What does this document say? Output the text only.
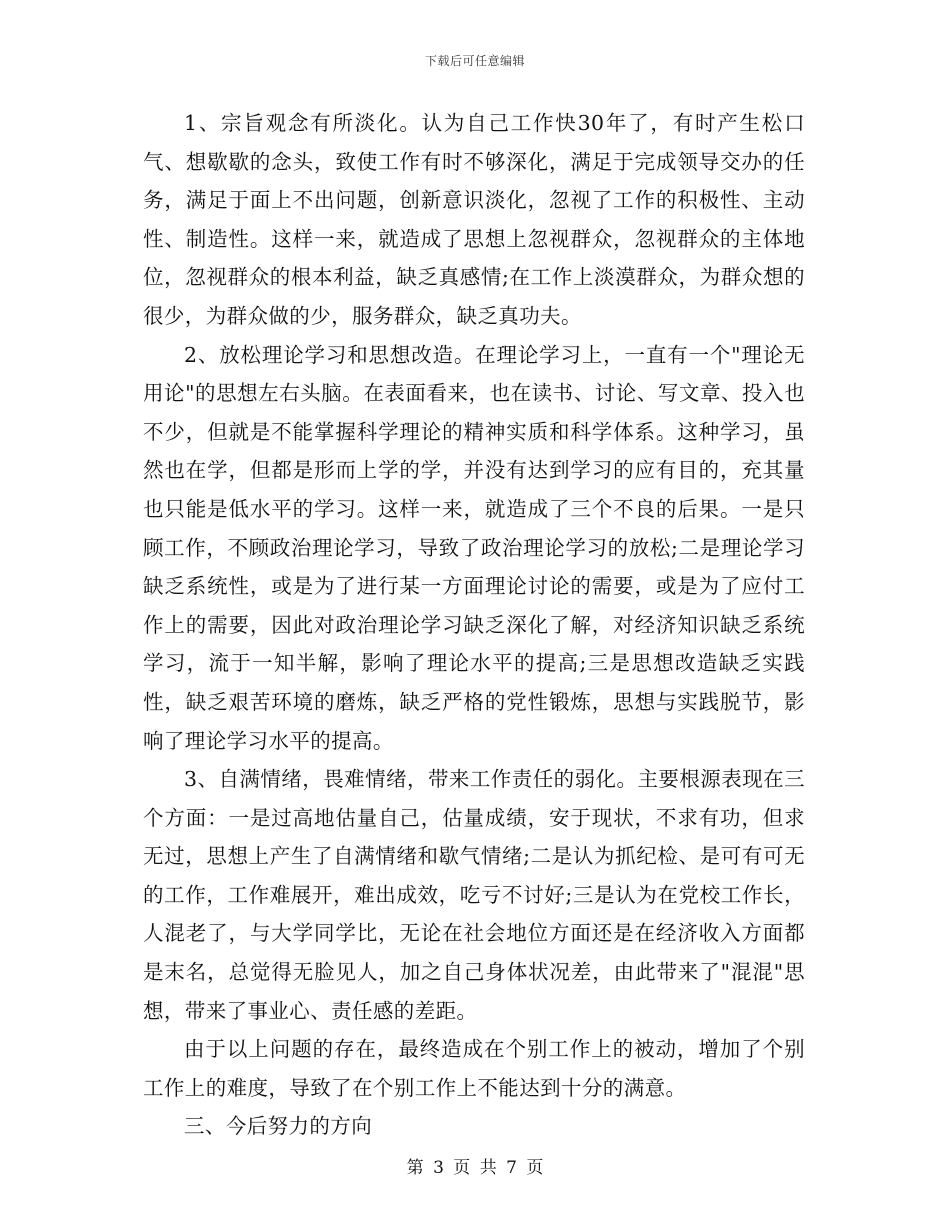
下载后可任意编辑

1、宗旨观念有所淡化。认为自己工作快30年了，有时产生松口气、想歇歇的念头，致使工作有时不够深化，满足于完成领导交办的任务，满足于面上不出问题，创新意识淡化，忽视了工作的积极性、主动性、制造性。这样一来，就造成了思想上忽视群众，忽视群众的主体地位，忽视群众的根本利益，缺乏真感情;在工作上淡漠群众，为群众想的很少，为群众做的少，服务群众，缺乏真功夫。

2、放松理论学习和思想改造。在理论学习上，一直有一个"理论无用论"的思想左右头脑。在表面看来，也在读书、讨论、写文章、投入也不少，但就是不能掌握科学理论的精神实质和科学体系。这种学习，虽然也在学，但都是形而上学的学，并没有达到学习的应有目的，充其量也只能是低水平的学习。这样一来，就造成了三个不良的后果。一是只顾工作，不顾政治理论学习，导致了政治理论学习的放松;二是理论学习缺乏系统性，或是为了进行某一方面理论讨论的需要，或是为了应付工作上的需要，因此对政治理论学习缺乏深化了解，对经济知识缺乏系统学习，流于一知半解，影响了理论水平的提高;三是思想改造缺乏实践性，缺乏艰苦环境的磨炼，缺乏严格的党性锻炼，思想与实践脱节，影响了理论学习水平的提高。

3、自满情绪，畏难情绪，带来工作责任的弱化。主要根源表现在三个方面：一是过高地估量自己，估量成绩，安于现状，不求有功，但求无过，思想上产生了自满情绪和歇气情绪;二是认为抓纪检、是可有可无的工作，工作难展开，难出成效，吃亏不讨好;三是认为在党校工作长，人混老了，与大学同学比，无论在社会地位方面还是在经济收入方面都是末名，总觉得无脸见人，加之自己身体状况差，由此带来了"混混"思想，带来了事业心、责任感的差距。

由于以上问题的存在，最终造成在个别工作上的被动，增加了个别工作上的难度，导致了在个别工作上不能达到十分的满意。

三、今后努力的方向

第 3 页 共 7 页
